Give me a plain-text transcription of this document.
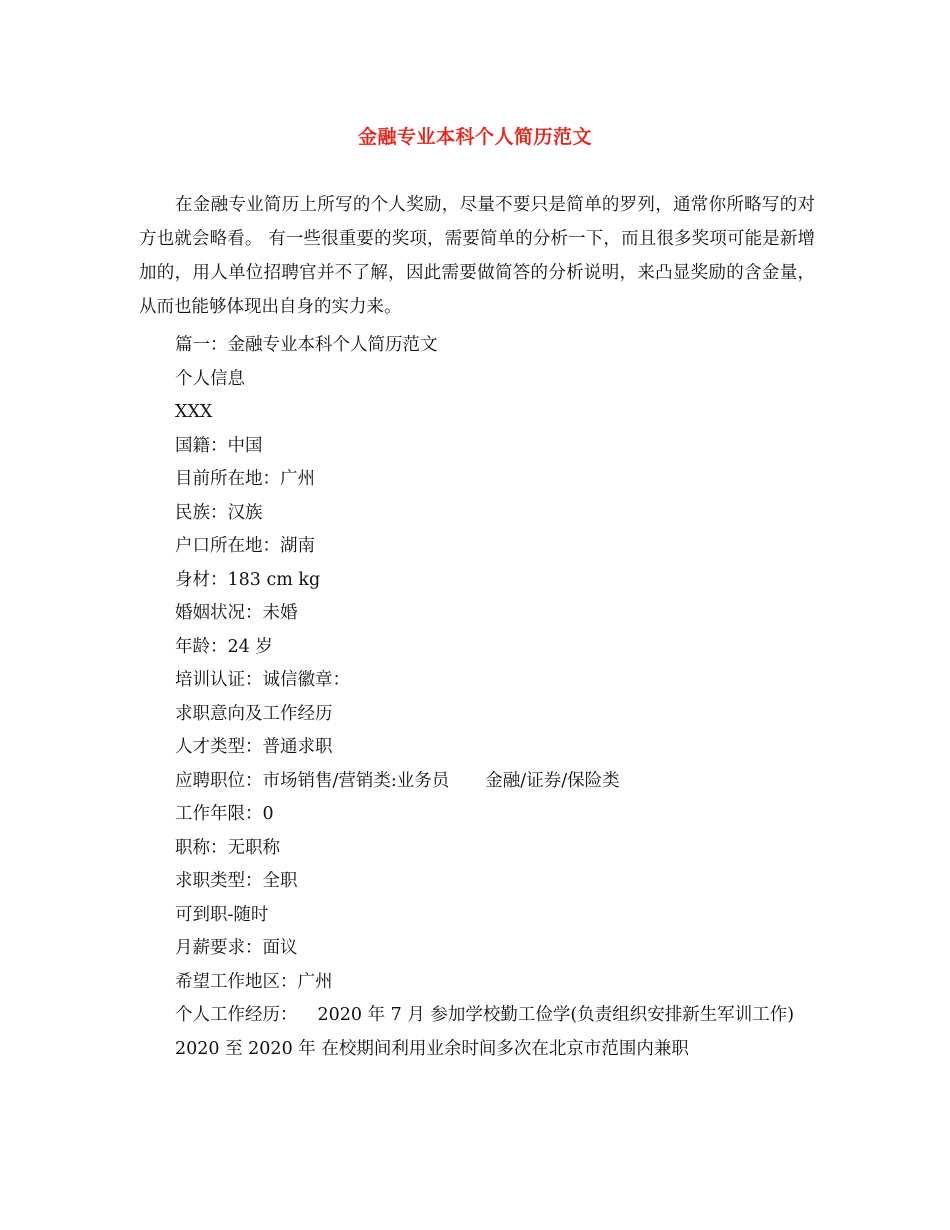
金融专业本科个人简历范文

在金融专业简历上所写的个人奖励，尽量不要只是简单的罗列，通常你所略写的对方也就会略看。 有一些很重要的奖项，需要简单的分析一下，而且很多奖项可能是新增加的，用人单位招聘官并不了解，因此需要做简答的分析说明，来凸显奖励的含金量，从而也能够体现出自身的实力来。

篇一：金融专业本科个人简历范文
个人信息
XXX
国籍：中国
目前所在地：广州
民族：汉族
户口所在地：湖南
身材：183 cm kg
婚姻状况：未婚
年龄：24 岁
培训认证：诚信徽章：
求职意向及工作经历
人才类型：普通求职
应聘职位：市场销售/营销类:业务员 金融/证券/保险类
工作年限：0
职称：无职称
求职类型：全职
可到职-随时
月薪要求：面议
希望工作地区：广州
个人工作经历： 2020 年 7 月 参加学校勤工俭学(负责组织安排新生军训工作)
2020 至 2020 年 在校期间利用业余时间多次在北京市范围内兼职
